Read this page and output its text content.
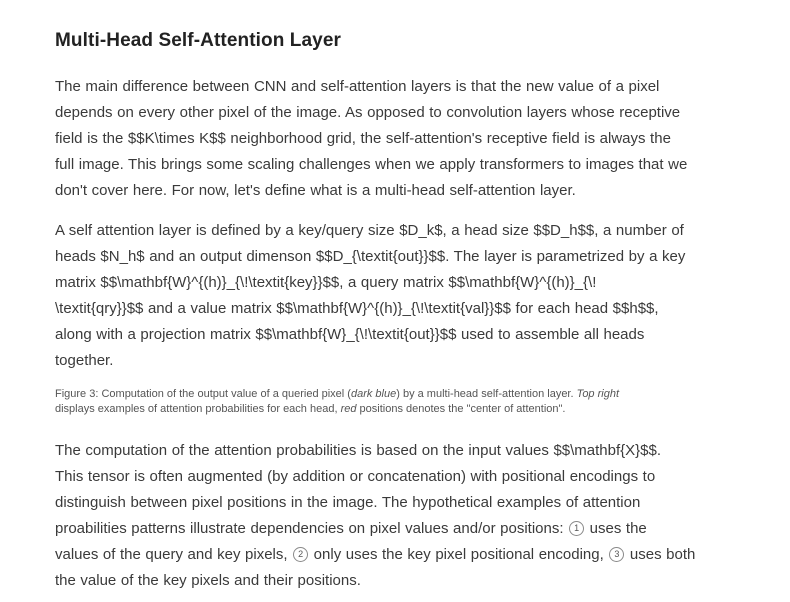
Multi-Head Self-Attention Layer

The main difference between CNN and self-attention layers is that the new value of a pixel
depends on every other pixel of the image. As opposed to convolution layers whose receptive
field is the $$K\times K$$ neighborhood grid, the self-attention's receptive field is always the
full image. This brings some scaling challenges when we apply transformers to images that we
don't cover here. For now, let's define what is a multi-head self-attention layer.

A self attention layer is defined by a key/query size $D_k$, a head size $$D_h$$, a number of
heads $N_h$ and an output dimenson $$D_{\textit{out}}$$. The layer is parametrized by a key
matrix $$\mathbf{W}^{(h)}_{\!\textit{key}}$$, a query matrix $$\mathbf{W}^{(h)}_{\!
\textit{qry}}$$ and a value matrix $$\mathbf{W}^{(h)}_{\!\textit{val}}$$ for each head $$h$$,
along with a projection matrix $$\mathbf{W}_{\!\textit{out}}$$ used to assemble all heads
together.

Figure 3: Computation of the output value of a queried pixel (dark blue) by a multi-head self-attention layer. Top right
displays examples of attention probabilities for each head, red positions denotes the "center of attention".

The computation of the attention probabilities is based on the input values $$\mathbf{X}$$.
This tensor is often augmented (by addition or concatenation) with positional encodings to
distinguish between pixel positions in the image. The hypothetical examples of attention
proabilities patterns illustrate dependencies on pixel values and/or positions: 1 uses the
values of the query and key pixels, 2 only uses the key pixel positional encoding, 3 uses both
the value of the key pixels and their positions.
